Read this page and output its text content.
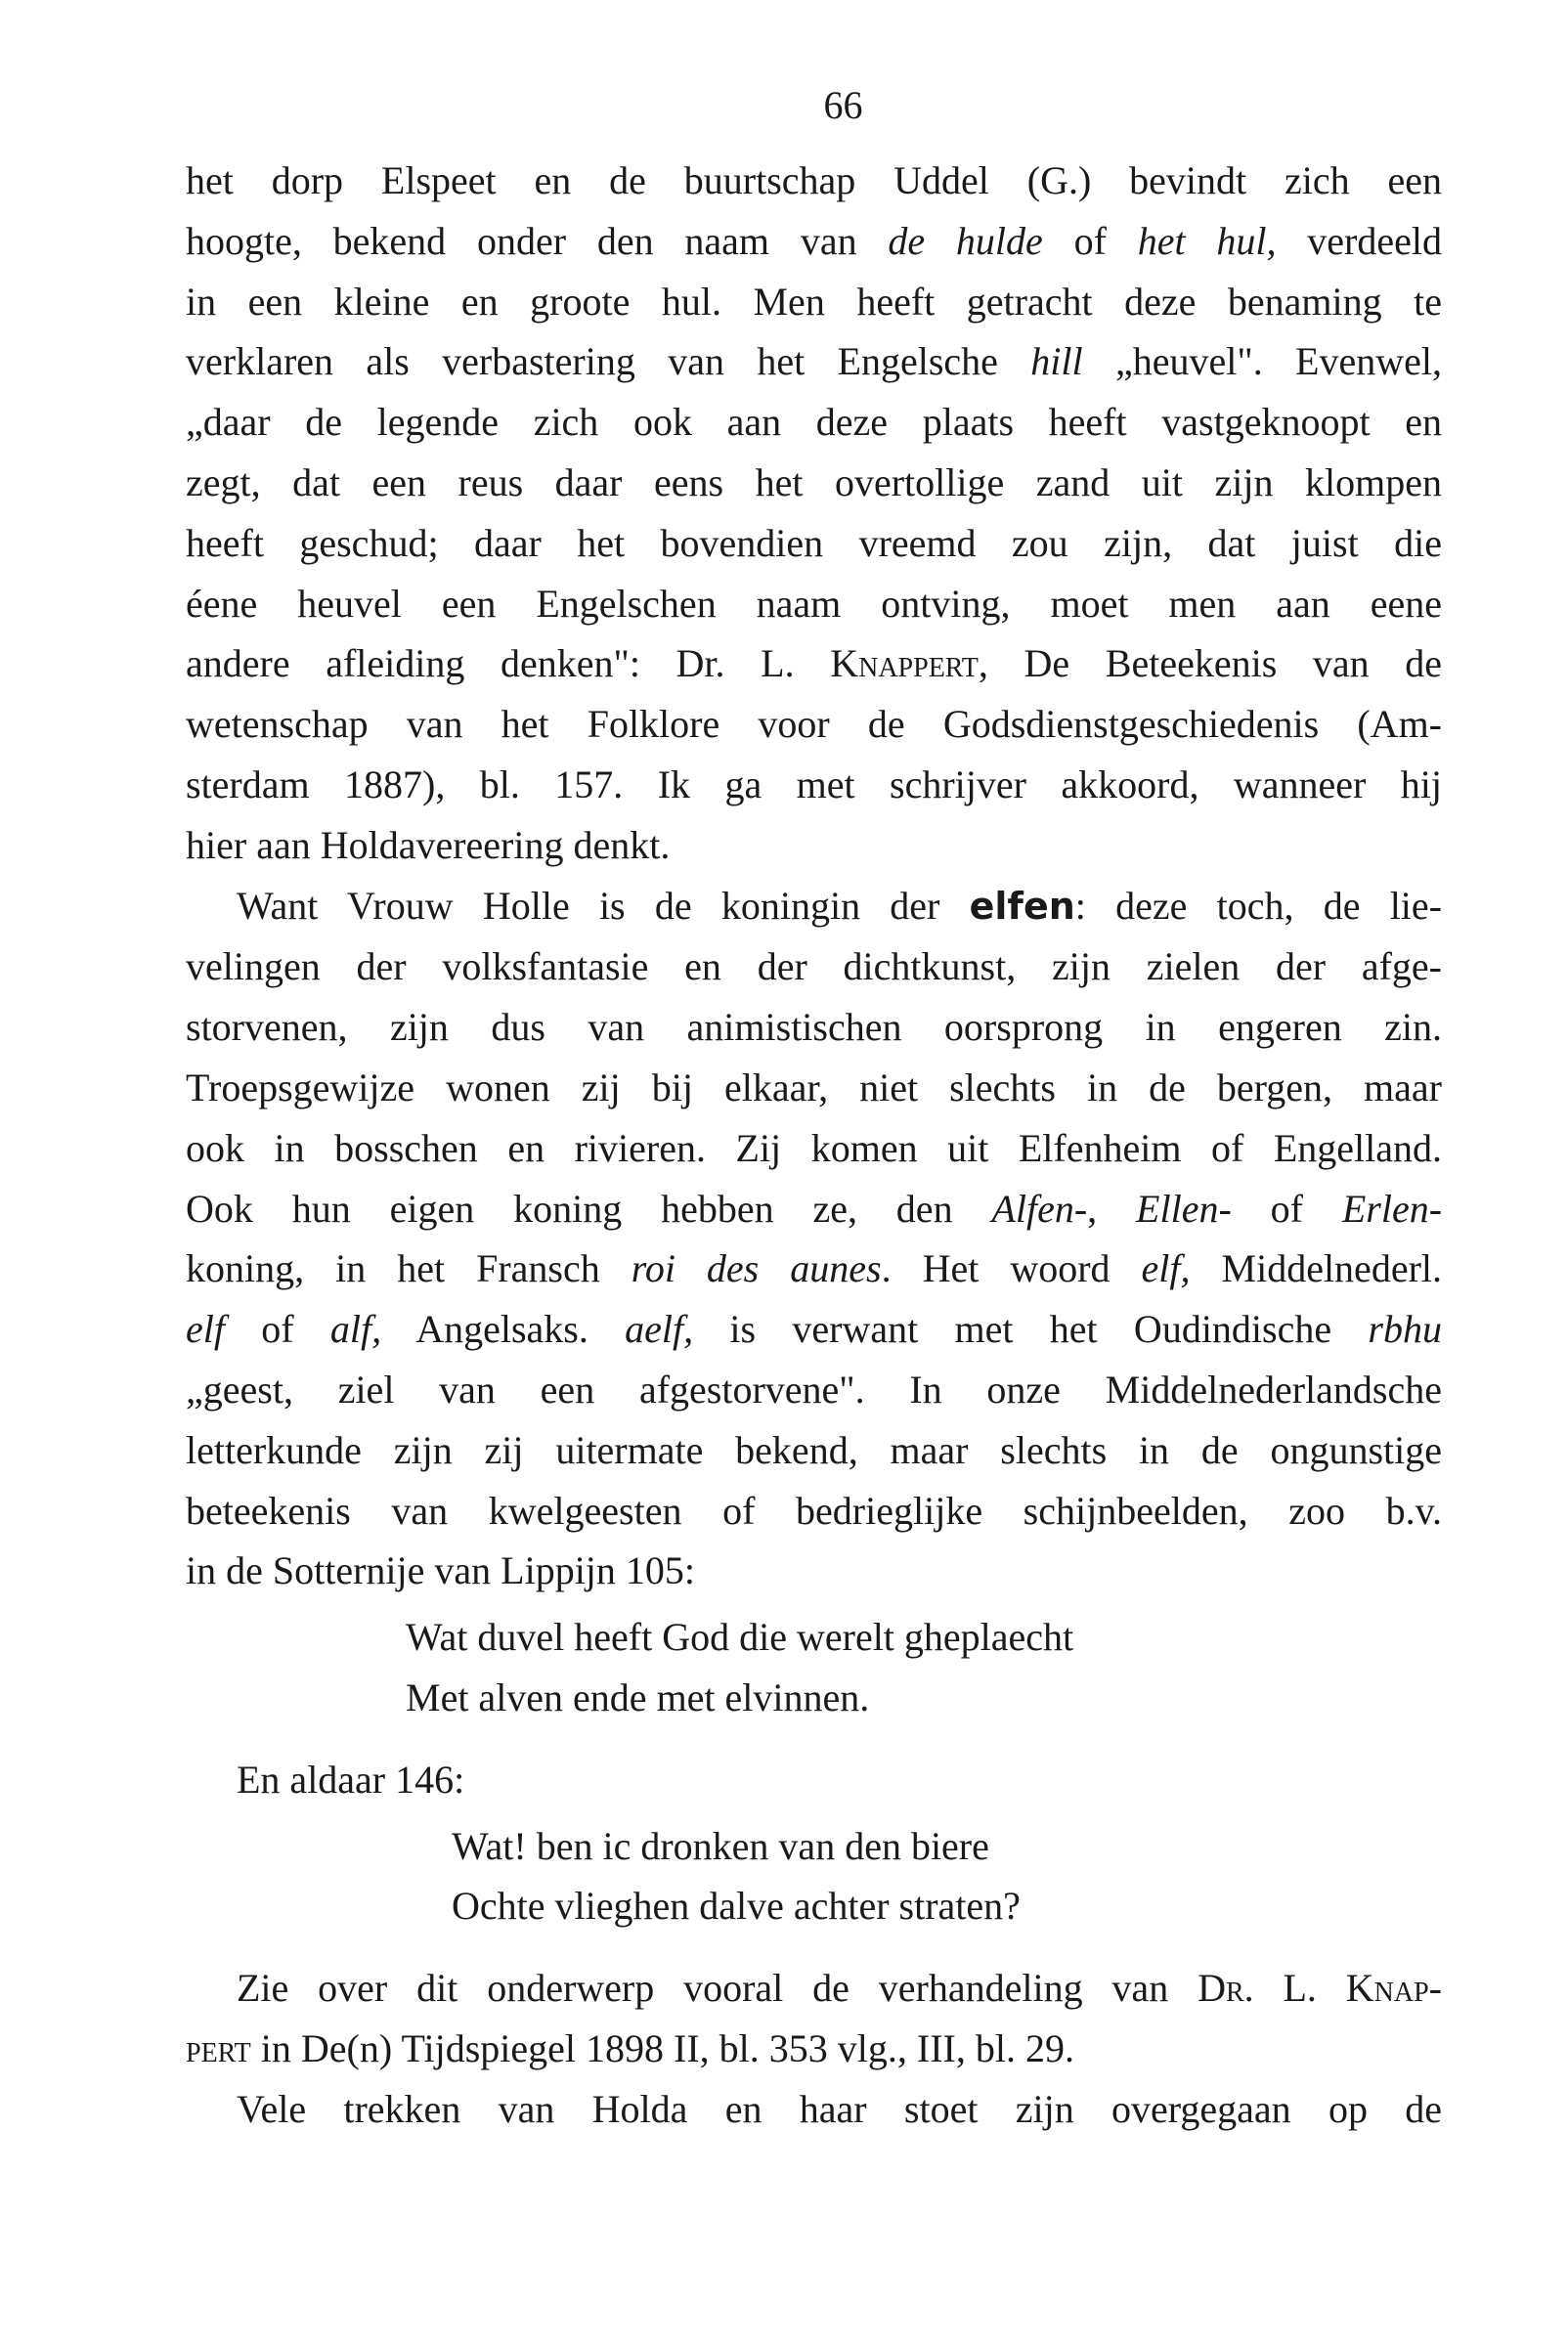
66
het dorp Elspeet en de buurtschap Uddel (G.) bevindt zich een
hoogte, bekend onder den naam van de hulde of het hul, verdeeld
in een kleine en groote hul. Men heeft getracht deze benaming te
verklaren als verbastering van het Engelsche hill „heuvel". Evenwel,
„daar de legende zich ook aan deze plaats heeft vastgeknoopt en
zegt, dat een reus daar eens het overtollige zand uit zijn klompen
heeft geschud; daar het bovendien vreemd zou zijn, dat juist die
éene heuvel een Engelschen naam ontving, moet men aan eene
andere afleiding denken": Dr. L. Knappert, De Beteekenis van de
wetenschap van het Folklore voor de Godsdienstgeschiedenis (Am-
sterdam 1887), bl. 157. Ik ga met schrijver akkoord, wanneer hij
hier aan Holdavereering denkt.
Want Vrouw Holle is de koningin der elfen: deze toch, de lie-
velingen der volksfantasie en der dichtkunst, zijn zielen der afge-
storvenen, zijn dus van animistischen oorsprong in engeren zin.
Troepsgewijze wonen zij bij elkaar, niet slechts in de bergen, maar
ook in bosschen en rivieren. Zij komen uit Elfenheim of Engelland.
Ook hun eigen koning hebben ze, den Alfen-, Ellen- of Erlen-
koning, in het Fransch roi des aunes. Het woord elf, Middelnederl.
elf of alf, Angelsaks. aelf, is verwant met het Oudindische rbhu
„geest, ziel van een afgestorvene". In onze Middelnederlandsche
letterkunde zijn zij uitermate bekend, maar slechts in de ongunstige
beteekenis van kwelgeesten of bedrieglijke schijnbeelden, zoo b.v.
in de Sotternije van Lippijn 105:
Wat duvel heeft God die werelt gheplaecht
Met alven ende met elvinnen.
En aldaar 146:
Wat! ben ic dronken van den biere
Ochte vlieghen dalve achter straten?
Zie over dit onderwerp vooral de verhandeling van Dr. L. Knap-
pert in De(n) Tijdspiegel 1898 II, bl. 353 vlg., III, bl. 29.
Vele trekken van Holda en haar stoet zijn overgegaan op de
